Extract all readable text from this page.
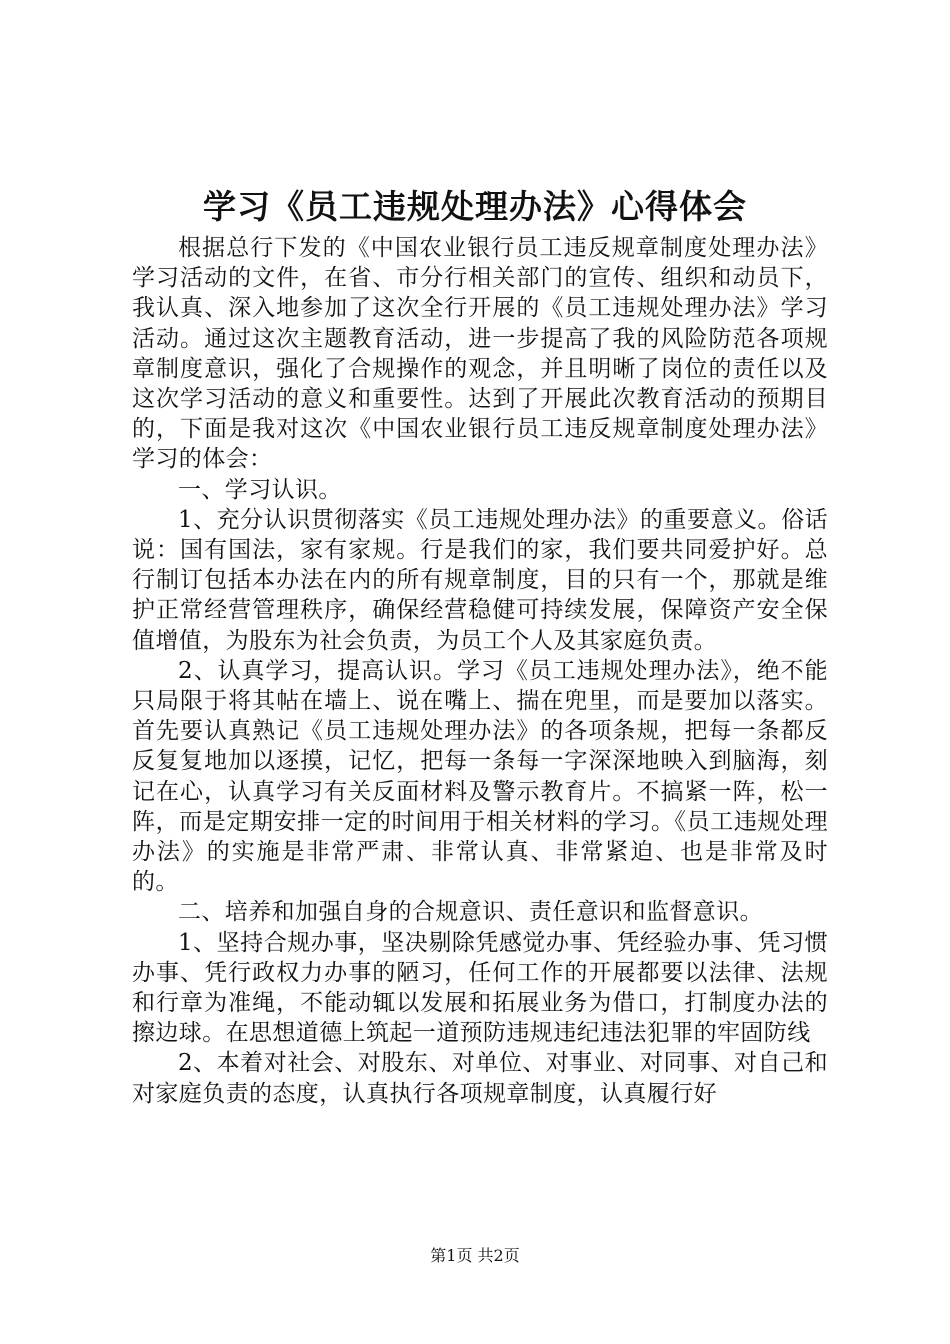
学习《员工违规处理办法》心得体会

根据总行下发的《中国农业银行员工违反规章制度处理办法》学习活动的文件，在省、市分行相关部门的宣传、组织和动员下，我认真、深入地参加了这次全行开展的《员工违规处理办法》学习活动。通过这次主题教育活动，进一步提高了我的风险防范各项规章制度意识，强化了合规操作的观念，并且明晰了岗位的责任以及这次学习活动的意义和重要性。达到了开展此次教育活动的预期目的，下面是我对这次《中国农业银行员工违反规章制度处理办法》学习的体会：

一、学习认识。

1、充分认识贯彻落实《员工违规处理办法》的重要意义。俗话说：国有国法，家有家规。行是我们的家，我们要共同爱护好。总行制订包括本办法在内的所有规章制度，目的只有一个，那就是维护正常经营管理秩序，确保经营稳健可持续发展，保障资产安全保值增值，为股东为社会负责，为员工个人及其家庭负责。

2、认真学习，提高认识。学习《员工违规处理办法》，绝不能只局限于将其帖在墙上、说在嘴上、揣在兜里，而是要加以落实。首先要认真熟记《员工违规处理办法》的各项条规，把每一条都反反复复地加以逐摸，记忆，把每一条每一字深深地映入到脑海，刻记在心，认真学习有关反面材料及警示教育片。不搞紧一阵，松一阵，而是定期安排一定的时间用于相关材料的学习。《员工违规处理办法》的实施是非常严肃、非常认真、非常紧迫、也是非常及时的。

二、培养和加强自身的合规意识、责任意识和监督意识。

1、坚持合规办事，坚决剔除凭感觉办事、凭经验办事、凭习惯办事、凭行政权力办事的陋习，任何工作的开展都要以法律、法规和行章为准绳，不能动辄以发展和拓展业务为借口，打制度办法的擦边球。在思想道德上筑起一道预防违规违纪违法犯罪的牢固防线

2、本着对社会、对股东、对单位、对事业、对同事、对自己和对家庭负责的态度，认真执行各项规章制度，认真履行好

第1页 共2页
